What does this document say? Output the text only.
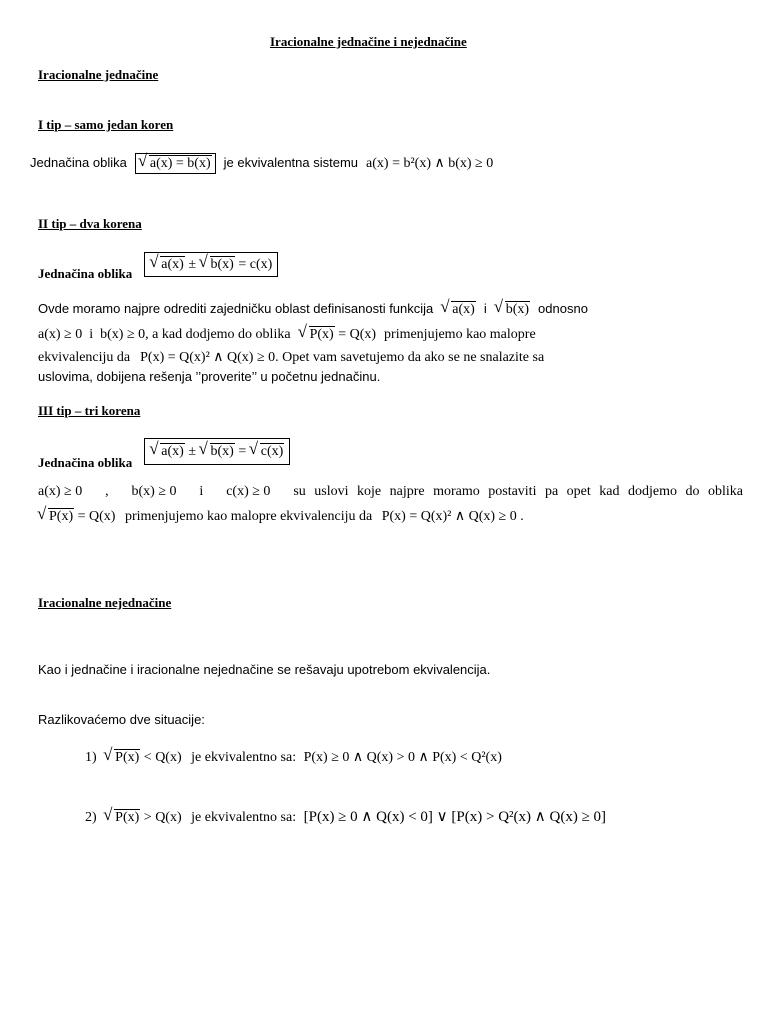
Iracionalne jednačine i nejednačine
Iracionalne jednačine
I tip – samo jedan koren
Jednačina oblika √ a(x) = b(x) je ekvivalentna sistemu a(x) = b²(x) ∧ b(x) ≥ 0
II tip – dva korena
$_{Jednačina oblika}$ √ a(x) ± √ b(x) = c(x)
Ovde moramo najpre odrediti zajedničku oblast definisanosti funkcija √ a(x) i √ b(x) odnosno
a(x) ≥ 0 i b(x) ≥ 0, a kad dodjemo do oblika √ P(x) = Q(x) primenjujemo kao malopre
ekvivalenciju da P(x) = Q(x)² ∧ Q(x) ≥ 0. Opet vam savetujemo da ako se ne snalazite sa
uslovima, dobijena rešenja ’’proverite’’ u početnu jednačinu.
III tip – tri korena
$_{Jednačina oblika}$ √ a(x) ± √ b(x) = √ c(x)
a(x) ≥ 0 , b(x) ≥ 0 i c(x) ≥ 0 su uslovi koje najpre moramo postaviti pa opet kad dodjemo do oblika
√ P(x) = Q(x) primenjujemo kao malopre ekvivalenciju da P(x) = Q(x)² ∧ Q(x) ≥ 0 .
Iracionalne nejednačine
Kao i jednačine i iracionalne nejednačine se rešavaju upotrebom ekvivalencija.
Razlikovaćemo dve situacije:
1) √ P(x) < Q(x) je ekvivalentno sa: P(x) ≥ 0 ∧ Q(x) > 0 ∧ P(x) < Q²(x)
2) √ P(x) > Q(x) je ekvivalentno sa: [P(x) ≥ 0 ∧ Q(x) < 0] ∨ [P(x) > Q²(x) ∧ Q(x) ≥ 0]
